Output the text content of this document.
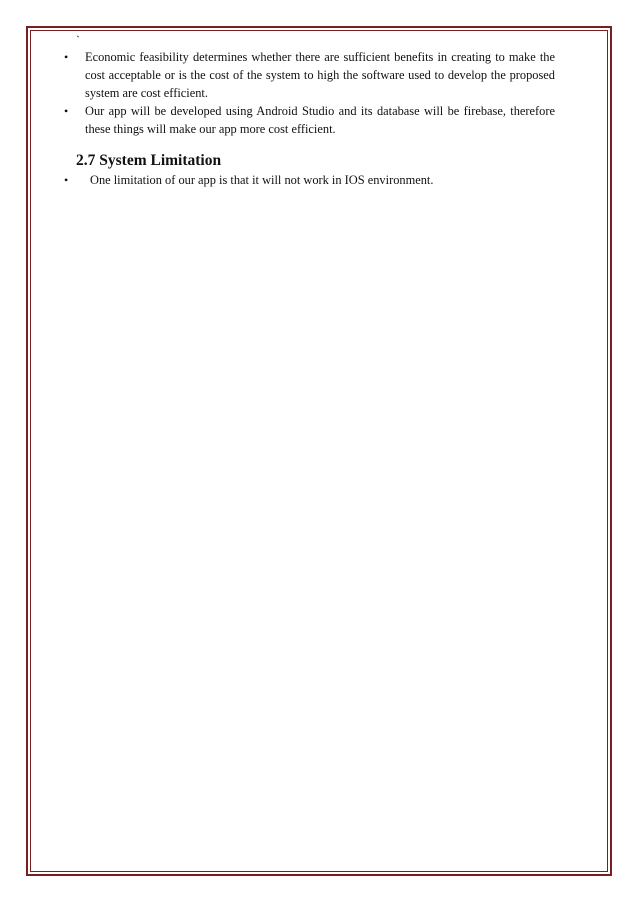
`
•	Economic feasibility determines whether there are sufficient benefits in creating to make the cost acceptable or is the cost of the system to high the software used to develop the proposed system are cost efficient.
•	Our app will be developed using Android Studio and its database will be firebase, therefore these things will make our app more cost efficient.
2.7 System Limitation
•	One limitation of our app is that it will not work in IOS environment.
